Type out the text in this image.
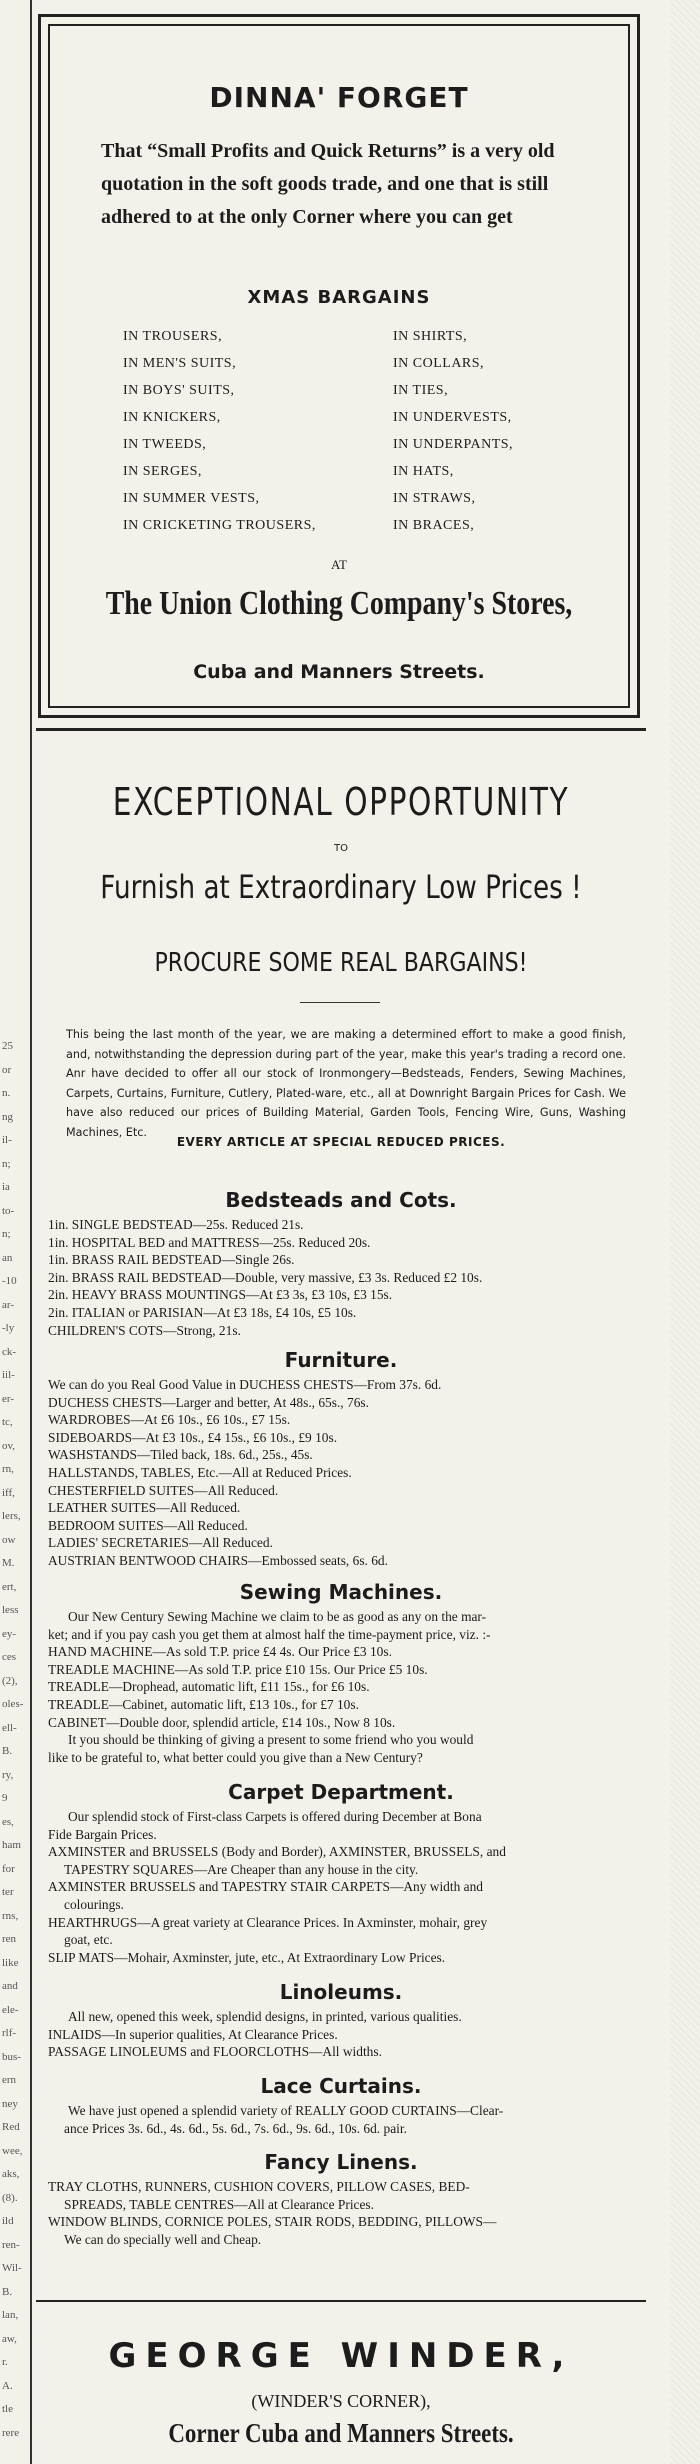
25
or
n.
ng
il-
n;
ia
to-
n;
an
-10
ar-
-ly
ck-
iil-
er-
tc,
ov,
rn,
iff,
lers,
ow
M.
ert,
less
ey-
ces
(2),
oles-
ell-
B.
ry,
9
es,
ham
for
ter
rns,
ren
like
and
ele-
rlf-
bus-
ern
ney
Red
wee,
aks,
(8).
ild
ren-
Wil-
B.
lan,
aw,
r.
A.
tle
rere
DINNA' FORGET
That “Small Profits and Quick Returns” is a very old quotation in the soft goods trade, and one that is still adhered to at the only Corner where you can get
XMAS BARGAINS
IN TROUSERS,
IN MEN'S SUITS,
IN BOYS' SUITS,
IN KNICKERS,
IN TWEEDS,
IN SERGES,
IN SUMMER VESTS,
IN CRICKETING TROUSERS,
IN SHIRTS,
IN COLLARS,
IN TIES,
IN UNDERVESTS,
IN UNDERPANTS,
IN HATS,
IN STRAWS,
IN BRACES,
AT
The Union Clothing Company's Stores,
Cuba and Manners Streets.
EXCEPTIONAL OPPORTUNITY
TO
Furnish at Extraordinary Low Prices !
PROCURE SOME REAL BARGAINS!
This being the last month of the year, we are making a determined effort to make a good finish, and, notwithstanding the depression during part of the year, make this year's trading a record one. Anr have decided to offer all our stock of Ironmongery—Bedsteads, Fenders, Sewing Machines, Carpets, Curtains, Furniture, Cutlery, Plated-ware, etc., all at Downright Bargain Prices for Cash. We have also reduced our prices of Building Material, Garden Tools, Fencing Wire, Guns, Washing Machines, Etc.
EVERY ARTICLE AT SPECIAL REDUCED PRICES.
Bedsteads and Cots.
1in. SINGLE BEDSTEAD—25s. Reduced 21s.
1in. HOSPITAL BED and MATTRESS—25s. Reduced 20s.
1in. BRASS RAIL BEDSTEAD—Single 26s.
2in. BRASS RAIL BEDSTEAD—Double, very massive, £3 3s. Reduced £2 10s.
2in. HEAVY BRASS MOUNTINGS—At £3 3s, £3 10s, £3 15s.
2in. ITALIAN or PARISIAN—At £3 18s, £4 10s, £5 10s.
CHILDREN'S COTS—Strong, 21s.
Furniture.
We can do you Real Good Value in DUCHESS CHESTS—From 37s. 6d.
DUCHESS CHESTS—Larger and better, At 48s., 65s., 76s.
WARDROBES—At £6 10s., £6 10s., £7 15s.
SIDEBOARDS—At £3 10s., £4 15s., £6 10s., £9 10s.
WASHSTANDS—Tiled back, 18s. 6d., 25s., 45s.
HALLSTANDS, TABLES, Etc.—All at Reduced Prices.
CHESTERFIELD SUITES—All Reduced.
LEATHER SUITES—All Reduced.
BEDROOM SUITES—All Reduced.
LADIES' SECRETARIES—All Reduced.
AUSTRIAN BENTWOOD CHAIRS—Embossed seats, 6s. 6d.
Sewing Machines.
Our New Century Sewing Machine we claim to be as good as any on the mar-
ket; and if you pay cash you get them at almost half the time-payment price, viz. :-
HAND MACHINE—As sold T.P. price £4 4s. Our Price £3 10s.
TREADLE MACHINE—As sold T.P. price £10 15s. Our Price £5 10s.
TREADLE—Drophead, automatic lift, £11 15s., for £6 10s.
TREADLE—Cabinet, automatic lift, £13 10s., for £7 10s.
CABINET—Double door, splendid article, £14 10s., Now 8 10s.
It you should be thinking of giving a present to some friend who you would
like to be grateful to, what better could you give than a New Century?
Carpet Department.
Our splendid stock of First-class Carpets is offered during December at Bona
Fide Bargain Prices.
AXMINSTER and BRUSSELS (Body and Border), AXMINSTER, BRUSSELS, and
TAPESTRY SQUARES—Are Cheaper than any house in the city.
AXMINSTER BRUSSELS and TAPESTRY STAIR CARPETS—Any width and
colourings.
HEARTHRUGS—A great variety at Clearance Prices. In Axminster, mohair, grey
goat, etc.
SLIP MATS—Mohair, Axminster, jute, etc., At Extraordinary Low Prices.
Linoleums.
All new, opened this week, splendid designs, in printed, various qualities.
INLAIDS—In superior qualities, At Clearance Prices.
PASSAGE LINOLEUMS and FLOORCLOTHS—All widths.
Lace Curtains.
We have just opened a splendid variety of REALLY GOOD CURTAINS—Clear-
ance Prices 3s. 6d., 4s. 6d., 5s. 6d., 7s. 6d., 9s. 6d., 10s. 6d. pair.
Fancy Linens.
TRAY CLOTHS, RUNNERS, CUSHION COVERS, PILLOW CASES, BED-
SPREADS, TABLE CENTRES—All at Clearance Prices.
WINDOW BLINDS, CORNICE POLES, STAIR RODS, BEDDING, PILLOWS—
We can do specially well and Cheap.
GEORGE WINDER,
(WINDER'S CORNER),
Corner Cuba and Manners Streets.
